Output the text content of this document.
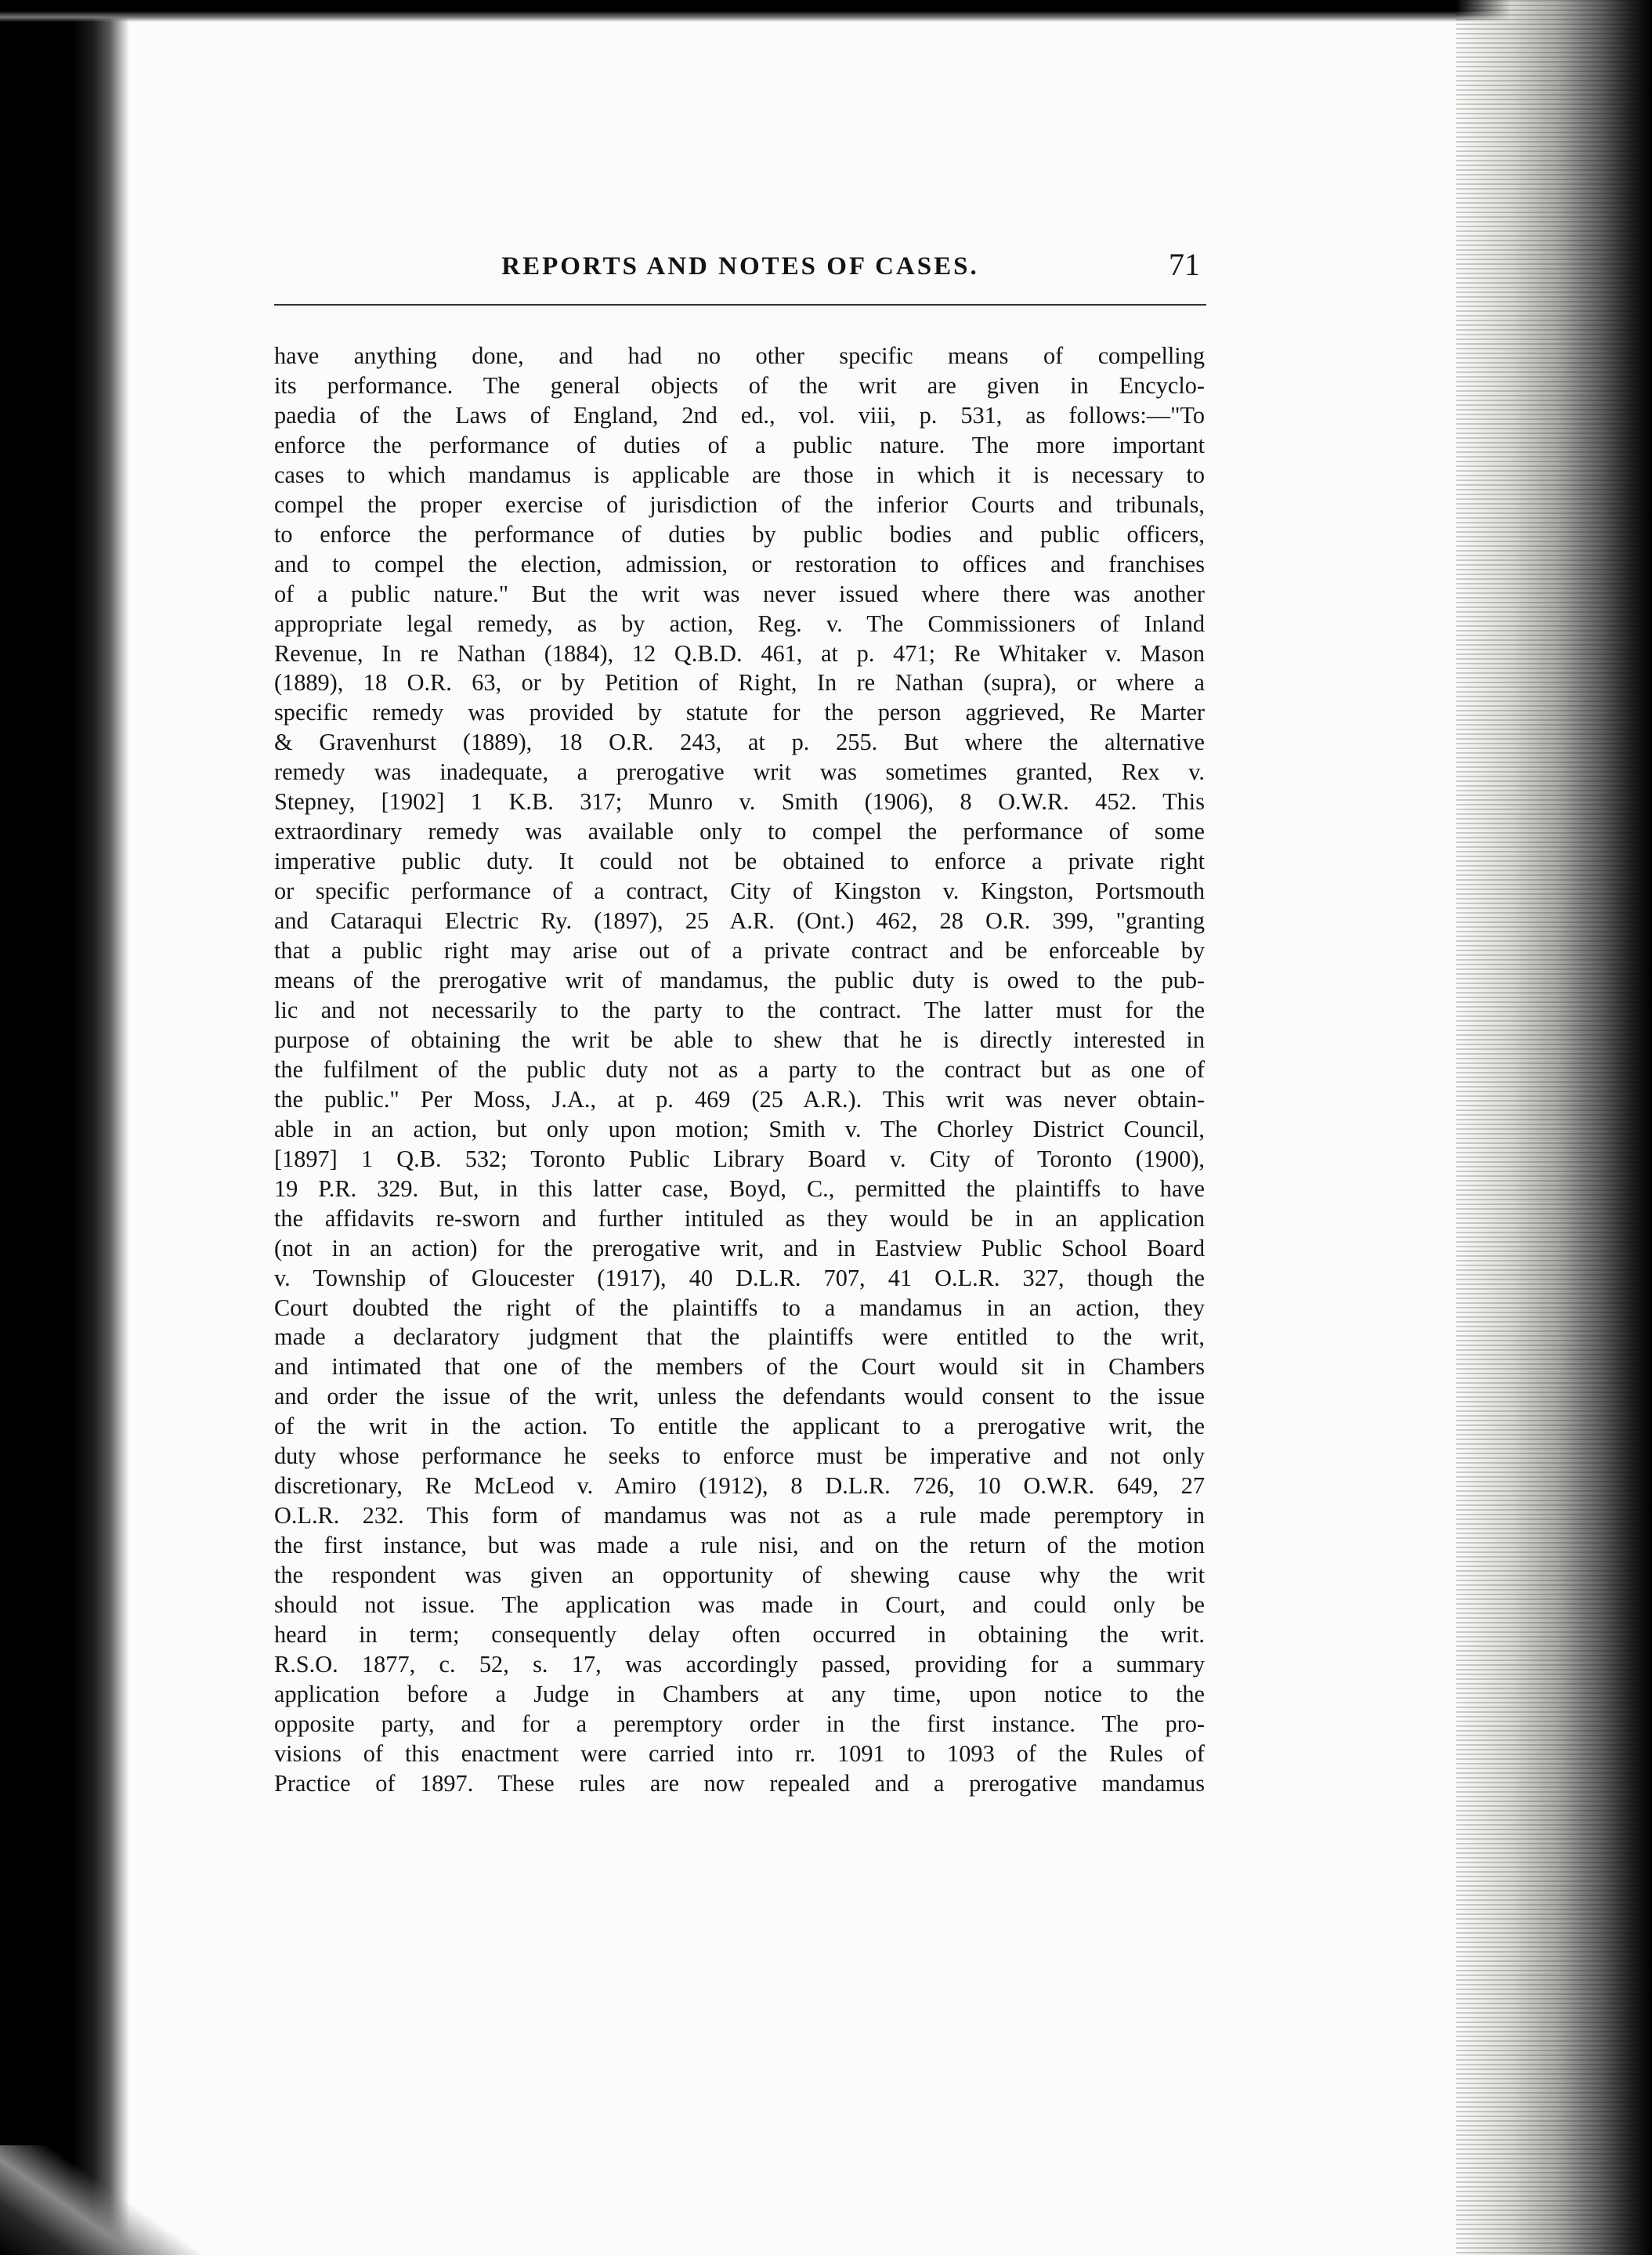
REPORTS AND NOTES OF CASES.	71
have anything done, and had no other specific means of compelling
its performance. The general objects of the writ are given in Encyclo-
paedia of the Laws of England, 2nd ed., vol. viii, p. 531, as follows:—"To
enforce the performance of duties of a public nature. The more important
cases to which mandamus is applicable are those in which it is necessary to
compel the proper exercise of jurisdiction of the inferior Courts and tribunals,
to enforce the performance of duties by public bodies and public officers,
and to compel the election, admission, or restoration to offices and franchises
of a public nature." But the writ was never issued where there was another
appropriate legal remedy, as by action, Reg. v. The Commissioners of Inland
Revenue, In re Nathan (1884), 12 Q.B.D. 461, at p. 471; Re Whitaker v. Mason
(1889), 18 O.R. 63, or by Petition of Right, In re Nathan (supra), or where a
specific remedy was provided by statute for the person aggrieved, Re Marter
& Gravenhurst (1889), 18 O.R. 243, at p. 255. But where the alternative
remedy was inadequate, a prerogative writ was sometimes granted, Rex v.
Stepney, [1902] 1 K.B. 317; Munro v. Smith (1906), 8 O.W.R. 452. This
extraordinary remedy was available only to compel the performance of some
imperative public duty. It could not be obtained to enforce a private right
or specific performance of a contract, City of Kingston v. Kingston, Portsmouth
and Cataraqui Electric Ry. (1897), 25 A.R. (Ont.) 462, 28 O.R. 399, "granting
that a public right may arise out of a private contract and be enforceable by
means of the prerogative writ of mandamus, the public duty is owed to the pub-
lic and not necessarily to the party to the contract. The latter must for the
purpose of obtaining the writ be able to shew that he is directly interested in
the fulfilment of the public duty not as a party to the contract but as one of
the public." Per Moss, J.A., at p. 469 (25 A.R.). This writ was never obtain-
able in an action, but only upon motion; Smith v. The Chorley District Council,
[1897] 1 Q.B. 532; Toronto Public Library Board v. City of Toronto (1900),
19 P.R. 329. But, in this latter case, Boyd, C., permitted the plaintiffs to have
the affidavits re-sworn and further intituled as they would be in an application
(not in an action) for the prerogative writ, and in Eastview Public School Board
v. Township of Gloucester (1917), 40 D.L.R. 707, 41 O.L.R. 327, though the
Court doubted the right of the plaintiffs to a mandamus in an action, they
made a declaratory judgment that the plaintiffs were entitled to the writ,
and intimated that one of the members of the Court would sit in Chambers
and order the issue of the writ, unless the defendants would consent to the issue
of the writ in the action. To entitle the applicant to a prerogative writ, the
duty whose performance he seeks to enforce must be imperative and not only
discretionary, Re McLeod v. Amiro (1912), 8 D.L.R. 726, 10 O.W.R. 649, 27
O.L.R. 232. This form of mandamus was not as a rule made peremptory in
the first instance, but was made a rule nisi, and on the return of the motion
the respondent was given an opportunity of shewing cause why the writ
should not issue. The application was made in Court, and could only be
heard in term; consequently delay often occurred in obtaining the writ.
R.S.O. 1877, c. 52, s. 17, was accordingly passed, providing for a summary
application before a Judge in Chambers at any time, upon notice to the
opposite party, and for a peremptory order in the first instance. The pro-
visions of this enactment were carried into rr. 1091 to 1093 of the Rules of
Practice of 1897. These rules are now repealed and a prerogative mandamus
